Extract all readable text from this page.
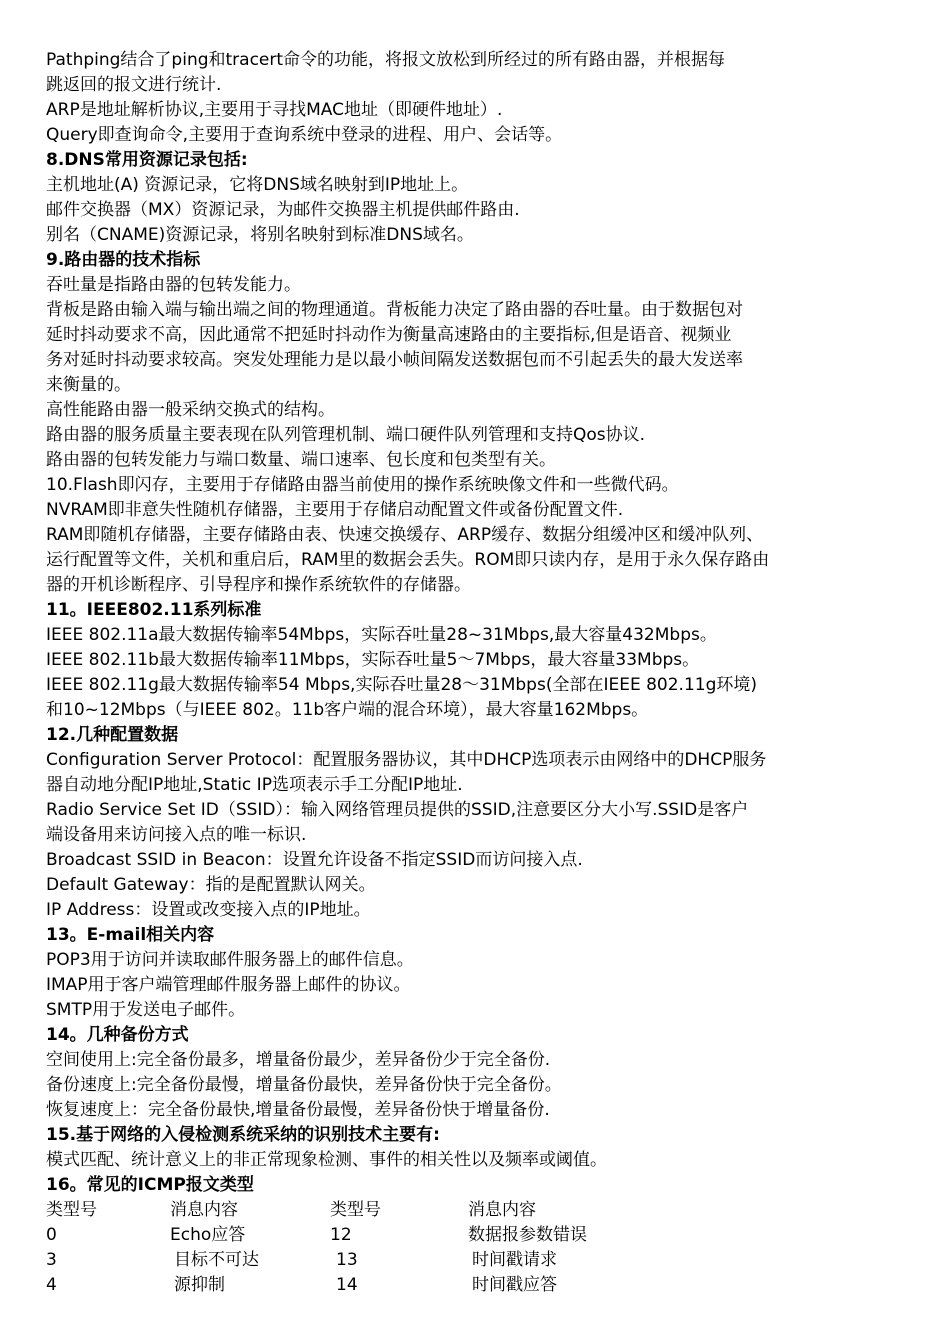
Pathping结合了ping和tracert命令的功能，将报文放松到所经过的所有路由器，并根据每
跳返回的报文进行统计.
ARP是地址解析协议,主要用于寻找MAC地址（即硬件地址）.
Query即查询命令,主要用于查询系统中登录的进程、用户、会话等。
8.DNS常用资源记录包括:
主机地址(A) 资源记录，它将DNS域名映射到IP地址上。
邮件交换器（MX）资源记录，为邮件交换器主机提供邮件路由.
别名（CNAME)资源记录，将别名映射到标准DNS域名。
9.路由器的技术指标
吞吐量是指路由器的包转发能力。
背板是路由输入端与输出端之间的物理通道。背板能力决定了路由器的吞吐量。由于数据包对
延时抖动要求不高，因此通常不把延时抖动作为衡量高速路由的主要指标,但是语音、视频业
务对延时抖动要求较高。突发处理能力是以最小帧间隔发送数据包而不引起丢失的最大发送率
来衡量的。
高性能路由器一般采纳交换式的结构。
路由器的服务质量主要表现在队列管理机制、端口硬件队列管理和支持Qos协议.
路由器的包转发能力与端口数量、端口速率、包长度和包类型有关。
10.Flash即闪存，主要用于存储路由器当前使用的操作系统映像文件和一些微代码。
NVRAM即非意失性随机存储器，主要用于存储启动配置文件或备份配置文件.
RAM即随机存储器，主要存储路由表、快速交换缓存、ARP缓存、数据分组缓冲区和缓冲队列、
运行配置等文件，关机和重启后，RAM里的数据会丢失。ROM即只读内存，是用于永久保存路由
器的开机诊断程序、引导程序和操作系统软件的存储器。
11。IEEE802.11系列标准
IEEE 802.11a最大数据传输率54Mbps，实际吞吐量28~31Mbps,最大容量432Mbps。
IEEE 802.11b最大数据传输率11Mbps，实际吞吐量5～7Mbps，最大容量33Mbps。
IEEE 802.11g最大数据传输率54 Mbps,实际吞吐量28～31Mbps(全部在IEEE 802.11g环境)
和10~12Mbps（与IEEE 802。11b客户端的混合环境），最大容量162Mbps。
12.几种配置数据
Configuration Server Protocol：配置服务器协议，其中DHCP选项表示由网络中的DHCP服务
器自动地分配IP地址,Static IP选项表示手工分配IP地址.
Radio Service Set ID（SSID）：输入网络管理员提供的SSID,注意要区分大小写.SSID是客户
端设备用来访问接入点的唯一标识.
Broadcast SSID in Beacon：设置允许设备不指定SSID而访问接入点.
Default Gateway：指的是配置默认网关。
IP Address：设置或改变接入点的IP地址。
13。E-mail相关内容
POP3用于访问并读取邮件服务器上的邮件信息。
IMAP用于客户端管理邮件服务器上邮件的协议。
SMTP用于发送电子邮件。
14。几种备份方式
空间使用上:完全备份最多，增量备份最少，差异备份少于完全备份.
备份速度上:完全备份最慢，增量备份最快，差异备份快于完全备份。
恢复速度上：完全备份最快,增量备份最慢，差异备份快于增量备份.
15.基于网络的入侵检测系统采纳的识别技术主要有:
模式匹配、统计意义上的非正常现象检测、事件的相关性以及频率或阈值。
16。常见的ICMP报文类型
类型号	消息内容	类型号	消息内容
0	Echo应答	12	数据报参数错误
3	目标不可达	13	时间戳请求
4	源抑制	14	时间戳应答
